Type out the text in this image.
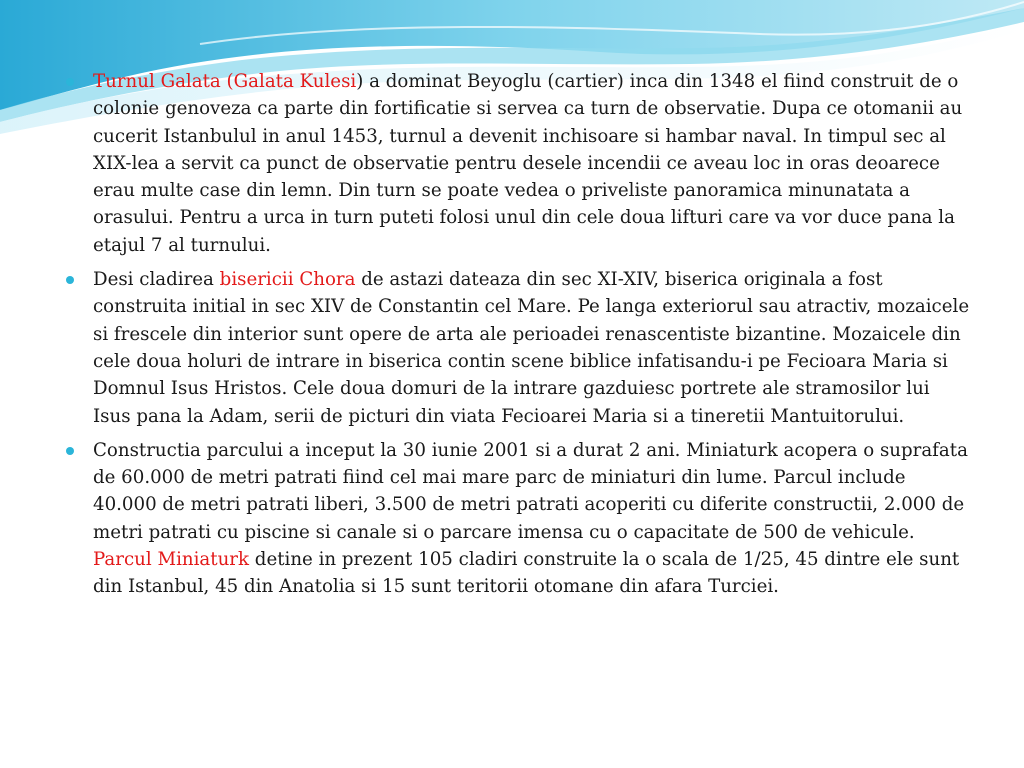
Turnul Galata (Galata Kulesi) a dominat Beyoglu (cartier) inca din 1348 el fiind construit de o colonie genoveza ca parte din fortificatie si servea ca turn de observatie. Dupa ce otomanii au cucerit Istanbulul in anul 1453, turnul a devenit inchisoare si hambar naval. In timpul sec al XIX-lea a servit ca punct de observatie pentru desele incendii ce aveau loc in oras deoarece erau multe case din lemn. Din turn se poate vedea o priveliste panoramica minunatata a orasului. Pentru a urca in turn puteti folosi unul din cele doua lifturi care va vor duce pana la etajul 7 al turnului.
Desi cladirea bisericii Chora de astazi dateaza din sec XI-XIV, biserica originala a fost construita initial in sec XIV de Constantin cel Mare. Pe langa exteriorul sau atractiv, mozaicele si frescele din interior sunt opere de arta ale perioadei renascentiste bizantine. Mozaicele din cele doua holuri de intrare in biserica contin scene biblice infatisandu-i pe Fecioara Maria si Domnul Isus Hristos. Cele doua domuri de la intrare gazduiesc portrete ale stramosilor lui Isus pana la Adam, serii de picturi din viata Fecioarei Maria si a tineretii Mantuitorului.
Constructia parcului a inceput la 30 iunie 2001 si a durat 2 ani. Miniaturk acopera o suprafata de 60.000 de metri patrati fiind cel mai mare parc de miniaturi din lume. Parcul include 40.000 de metri patrati liberi, 3.500 de metri patrati acoperiti cu diferite constructii, 2.000 de metri patrati cu piscine si canale si o parcare imensa cu o capacitate de 500 de vehicule. Parcul Miniaturk detine in prezent 105 cladiri construite la o scala de 1/25, 45 dintre ele sunt din Istanbul, 45 din Anatolia si 15 sunt teritorii otomane din afara Turciei.
